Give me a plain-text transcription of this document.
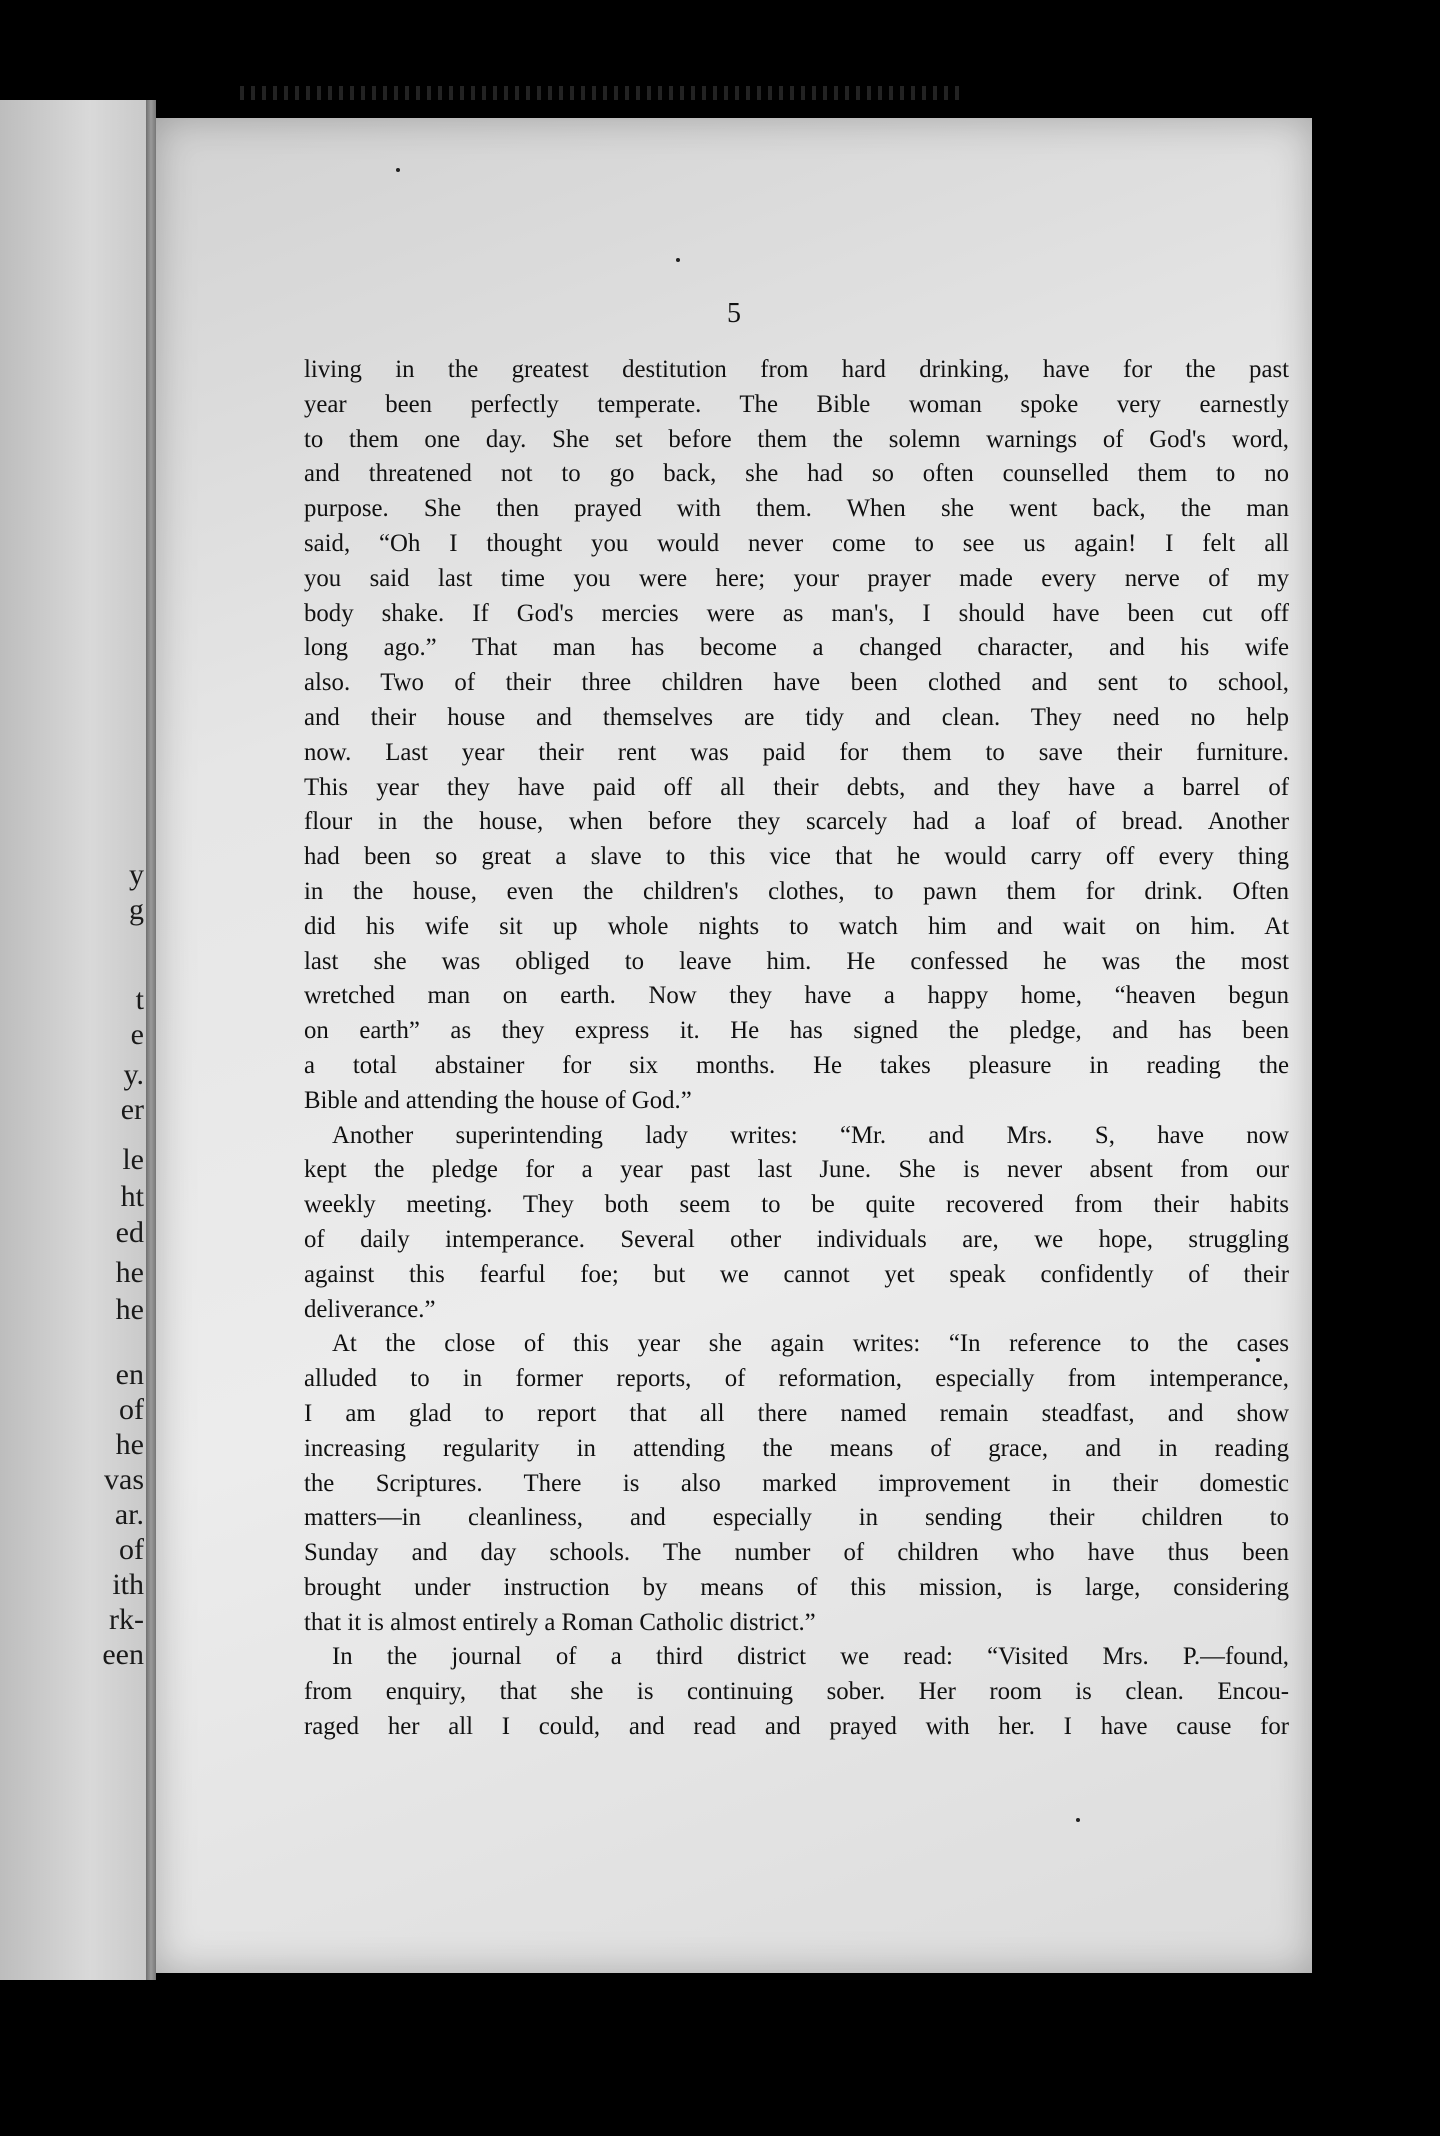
y
g
t
e
y.
er
le
ht
ed
he
he
en
of
he
vas
ar.
of
ith
rk-
een
5
living in the greatest destitution from hard drinking, have for the past
year been perfectly temperate. The Bible woman spoke very earnestly
to them one day. She set before them the solemn warnings of God's word,
and threatened not to go back, she had so often counselled them to no
purpose. She then prayed with them. When she went back, the man
said, “Oh I thought you would never come to see us again! I felt all
you said last time you were here; your prayer made every nerve of my
body shake. If God's mercies were as man's, I should have been cut off
long ago.” That man has become a changed character, and his wife
also. Two of their three children have been clothed and sent to school,
and their house and themselves are tidy and clean. They need no help
now. Last year their rent was paid for them to save their furniture.
This year they have paid off all their debts, and they have a barrel of
flour in the house, when before they scarcely had a loaf of bread. Another
had been so great a slave to this vice that he would carry off every thing
in the house, even the children's clothes, to pawn them for drink. Often
did his wife sit up whole nights to watch him and wait on him. At
last she was obliged to leave him. He confessed he was the most
wretched man on earth. Now they have a happy home, “heaven begun
on earth” as they express it. He has signed the pledge, and has been
a total abstainer for six months. He takes pleasure in reading the
Bible and attending the house of God.”
Another superintending lady writes: “Mr. and Mrs. S, have now
kept the pledge for a year past last June. She is never absent from our
weekly meeting. They both seem to be quite recovered from their habits
of daily intemperance. Several other individuals are, we hope, struggling
against this fearful foe; but we cannot yet speak confidently of their
deliverance.”
At the close of this year she again writes: “In reference to the cases
alluded to in former reports, of reformation, especially from intemperance,
I am glad to report that all there named remain steadfast, and show
increasing regularity in attending the means of grace, and in reading
the Scriptures. There is also marked improvement in their domestic
matters—in cleanliness, and especially in sending their children to
Sunday and day schools. The number of children who have thus been
brought under instruction by means of this mission, is large, considering
that it is almost entirely a Roman Catholic district.”
In the journal of a third district we read: “Visited Mrs. P.—found,
from enquiry, that she is continuing sober. Her room is clean. Encou-
raged her all I could, and read and prayed with her. I have cause for
